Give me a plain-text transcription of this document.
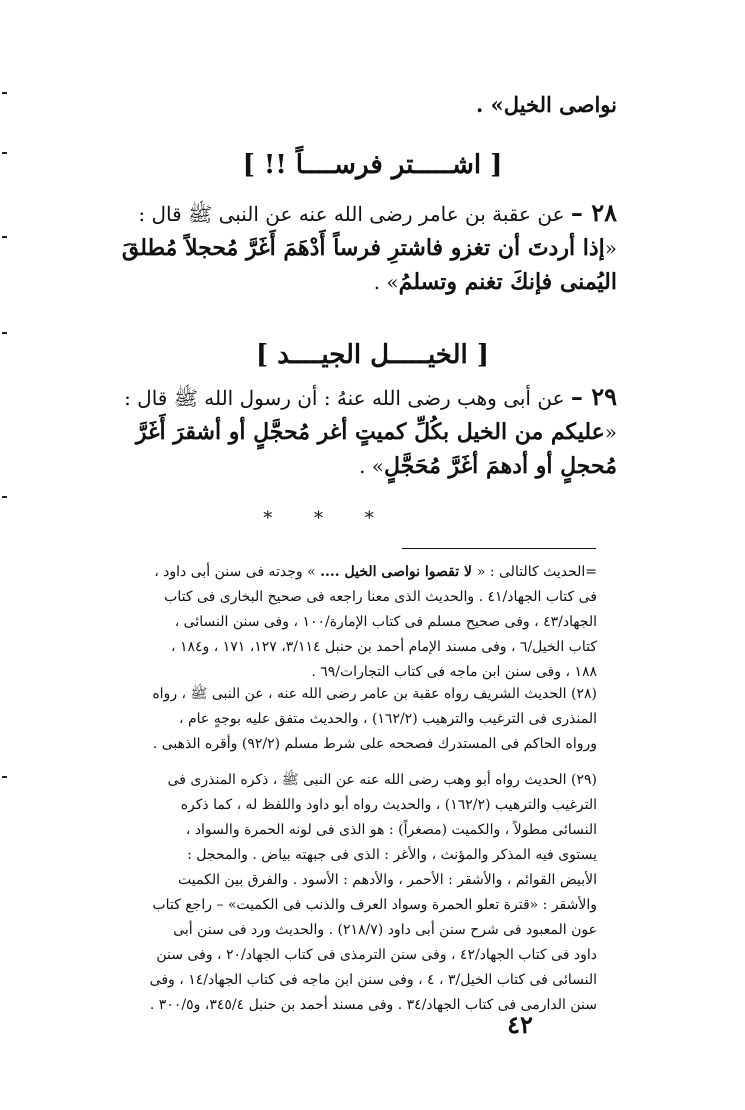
نواصى الخيل» .
[ اشـــــتر فرســــاً !! ]
٢٨ – عن عقبة بن عامر رضى الله عنه عن النبى ﷺ قال : «إذا أردتَ أن تغزو فاشترِ فرساً أَدْهَمَ أَغَرَّ مُحجلاً مُطلقَ اليُمنى فإنكَ تغنم وتسلمُ» .
[ الخيـــــل الجيــــد ]
٢٩ – عن أبى وهب رضى الله عنهُ : أن رسول الله ﷺ قال : «عليكم من الخيل بكُلِّ كميتٍ أغر مُحجَّلٍ أو أشقرَ أَغَرَّ مُحجلٍ أو أدهمَ أغَرَّ مُحَجَّلٍ» .
* * *
=الحديث كالتالى : « لا تقصوا نواصى الخيل .... » وجدته فى سنن أبى داود ، فى كتاب الجهاد/٤١ . والحديث الذى معنا راجعه فى صحيح البخارى فى كتاب الجهاد/٤٣ ، وفى صحيح مسلم فى كتاب الإمارة/١٠٠ ، وفى سنن النسائى ، كتاب الخيل/٦ ، وفى مسند الإمام أحمد بن حنبل ٣/١١٤، ١٢٧، ١٧١ ، و١٨٤ ، ١٨٨ ، وفى سنن ابن ماجه فى كتاب التجارات/٦٩ .
(٢٨) الحديث الشريف رواه عقبة بن عامر رضى الله عنه ، عن النبى ﷺ ، رواه المنذرى فى الترغيب والترهيب (١٦٢/٢) ، والحديث متفق عليه بوجهٍ عام ، ورواه الحاكم فى المستدرك فصححه على شرط مسلم (٩٢/٢) وأقره الذهبى .
(٢٩) الحديث رواه أبو وهب رضى الله عنه عن النبى ﷺ ، ذكره المنذرى فى الترغيب والترهيب (١٦٢/٢) ، والحديث رواه أبو داود واللفظ له ، كما ذكره النسائى مطولاً ، والكميت (مصغراً) : هو الذى فى لونه الحمرة والسواد ، يستوى فيه المذكر والمؤنث ، والأغر : الذى فى جبهته بياض . والمحجل : الأبيض القوائم ، والأشقر : الأحمر ، والأدهم : الأسود . والفرق بين الكميت والأشقر : «قترة تعلو الحمرة وسواد العرف والذنب فى الكميت» – راجع كتاب عون المعبود فى شرح سنن أبى داود (٢١٨/٧) . والحديث ورد فى سنن أبى داود فى كتاب الجهاد/٤٢ ، وفى سنن الترمذى فى كتاب الجهاد/٢٠ ، وفى سنن النسائى فى كتاب الخيل/٣ ، ٤ ، وفى سنن ابن ماجه فى كتاب الجهاد/١٤ ، وفى سنن الدارمى فى كتاب الجهاد/٣٤ . وفى مسند أحمد بن حنبل ٣٤٥/٤، و٣٠٠/٥ .
٤٢
